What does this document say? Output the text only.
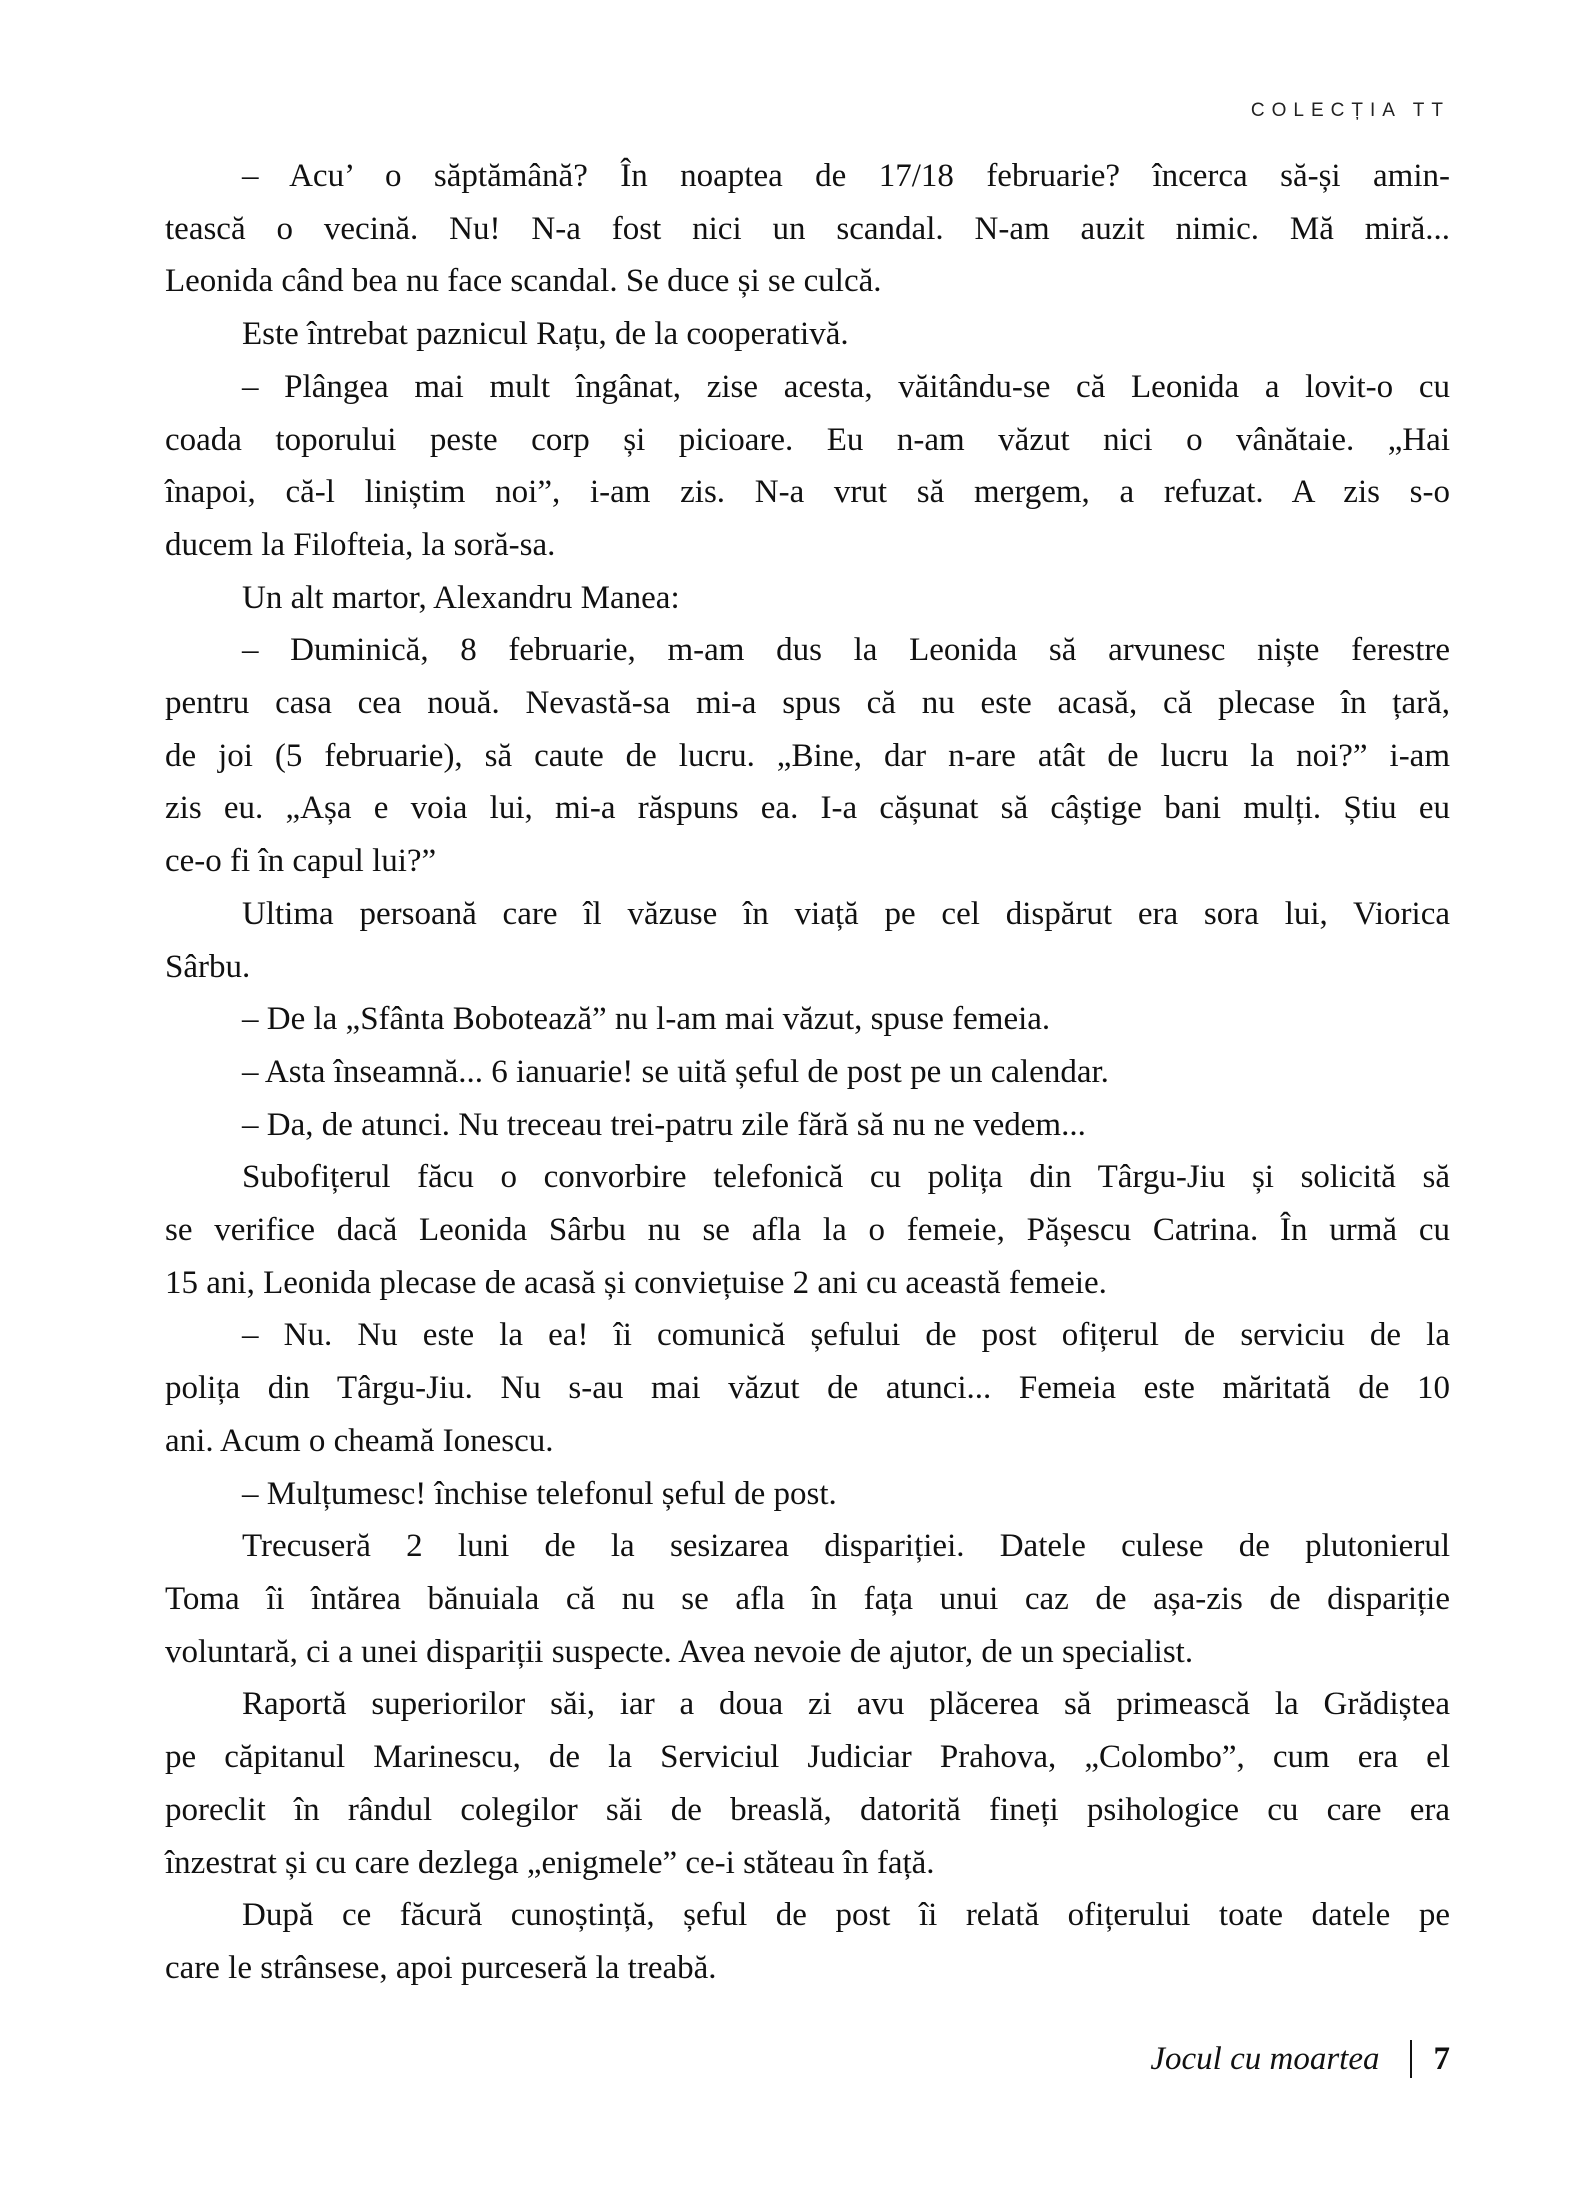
COLECȚIA TT
– Acu’ o săptămână? În noaptea de 17/18 februarie? încerca să-și amin-
tească o vecină. Nu! N-a fost nici un scandal. N-am auzit nimic. Mă miră...
Leonida când bea nu face scandal. Se duce și se culcă.
Este întrebat paznicul Rațu, de la cooperativă.
– Plângea mai mult îngânat, zise acesta, văitându-se că Leonida a lovit-o cu
coada toporului peste corp și picioare. Eu n-am văzut nici o vânătaie. „Hai
înapoi, că-l liniștim noi”, i-am zis. N-a vrut să mergem, a refuzat. A zis s-o
ducem la Filofteia, la soră-sa.
Un alt martor, Alexandru Manea:
– Duminică, 8 februarie, m-am dus la Leonida să arvunesc niște ferestre
pentru casa cea nouă. Nevastă-sa mi-a spus că nu este acasă, că plecase în țară,
de joi (5 februarie), să caute de lucru. „Bine, dar n-are atât de lucru la noi?” i-am
zis eu. „Așa e voia lui, mi-a răspuns ea. I-a cășunat să câștige bani mulți. Știu eu
ce-o fi în capul lui?”
Ultima persoană care îl văzuse în viață pe cel dispărut era sora lui, Viorica
Sârbu.
– De la „Sfânta Bobotează” nu l-am mai văzut, spuse femeia.
– Asta înseamnă... 6 ianuarie! se uită șeful de post pe un calendar.
– Da, de atunci. Nu treceau trei-patru zile fără să nu ne vedem...
Subofițerul făcu o convorbire telefonică cu polița din Târgu-Jiu și solicită să
se verifice dacă Leonida Sârbu nu se afla la o femeie, Pășescu Catrina. În urmă cu
15 ani, Leonida plecase de acasă și conviețuise 2 ani cu această femeie.
– Nu. Nu este la ea! îi comunică șefului de post ofițerul de serviciu de la
polița din Târgu-Jiu. Nu s-au mai văzut de atunci... Femeia este măritată de 10
ani. Acum o cheamă Ionescu.
– Mulțumesc! închise telefonul șeful de post.
Trecuseră 2 luni de la sesizarea dispariției. Datele culese de plutonierul
Toma îi întărea bănuiala că nu se afla în fața unui caz de așa-zis de dispariție
voluntară, ci a unei dispariții suspecte. Avea nevoie de ajutor, de un specialist.
Raportă superiorilor săi, iar a doua zi avu plăcerea să primească la Grădiștea
pe căpitanul Marinescu, de la Serviciul Judiciar Prahova, „Colombo”, cum era el
poreclit în rândul colegilor săi de breaslă, datorită fineți psihologice cu care era
înzestrat și cu care dezlega „enigmele” ce-i stăteau în față.
După ce făcură cunoștință, șeful de post îi relată ofițerului toate datele pe
care le strânsese, apoi purceseră la treabă.
Jocul cu moartea 7
